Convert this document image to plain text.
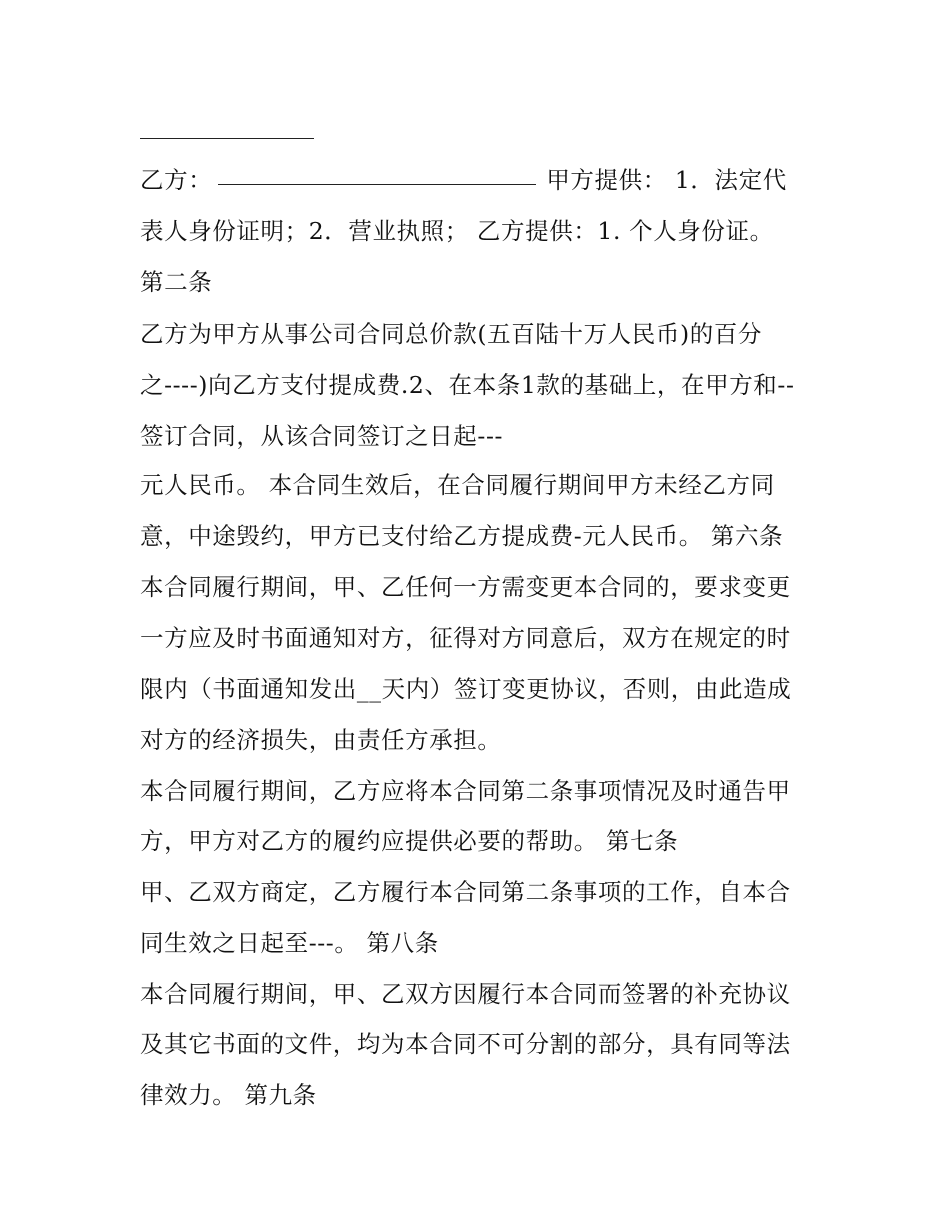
乙方：	甲方提供： 1．法定代
表人身份证明；2．营业执照； 乙方提供：1. 个人身份证。
第二条
乙方为甲方从事公司合同总价款(五百陆十万人民币)的百分
之----)向乙方支付提成费.2、在本条1款的基础上，在甲方和--
签订合同，从该合同签订之日起---
元人民币。 本合同生效后，在合同履行期间甲方未经乙方同
意，中途毁约，甲方已支付给乙方提成费-元人民币。 第六条
本合同履行期间，甲、乙任何一方需变更本合同的，要求变更
一方应及时书面通知对方，征得对方同意后，双方在规定的时
限内（书面通知发出__天内）签订变更协议，否则，由此造成
对方的经济损失，由责任方承担。
本合同履行期间，乙方应将本合同第二条事项情况及时通告甲
方，甲方对乙方的履约应提供必要的帮助。 第七条
甲、乙双方商定，乙方履行本合同第二条事项的工作，自本合
同生效之日起至---。 第八条
本合同履行期间，甲、乙双方因履行本合同而签署的补充协议
及其它书面的文件，均为本合同不可分割的部分，具有同等法
律效力。 第九条
